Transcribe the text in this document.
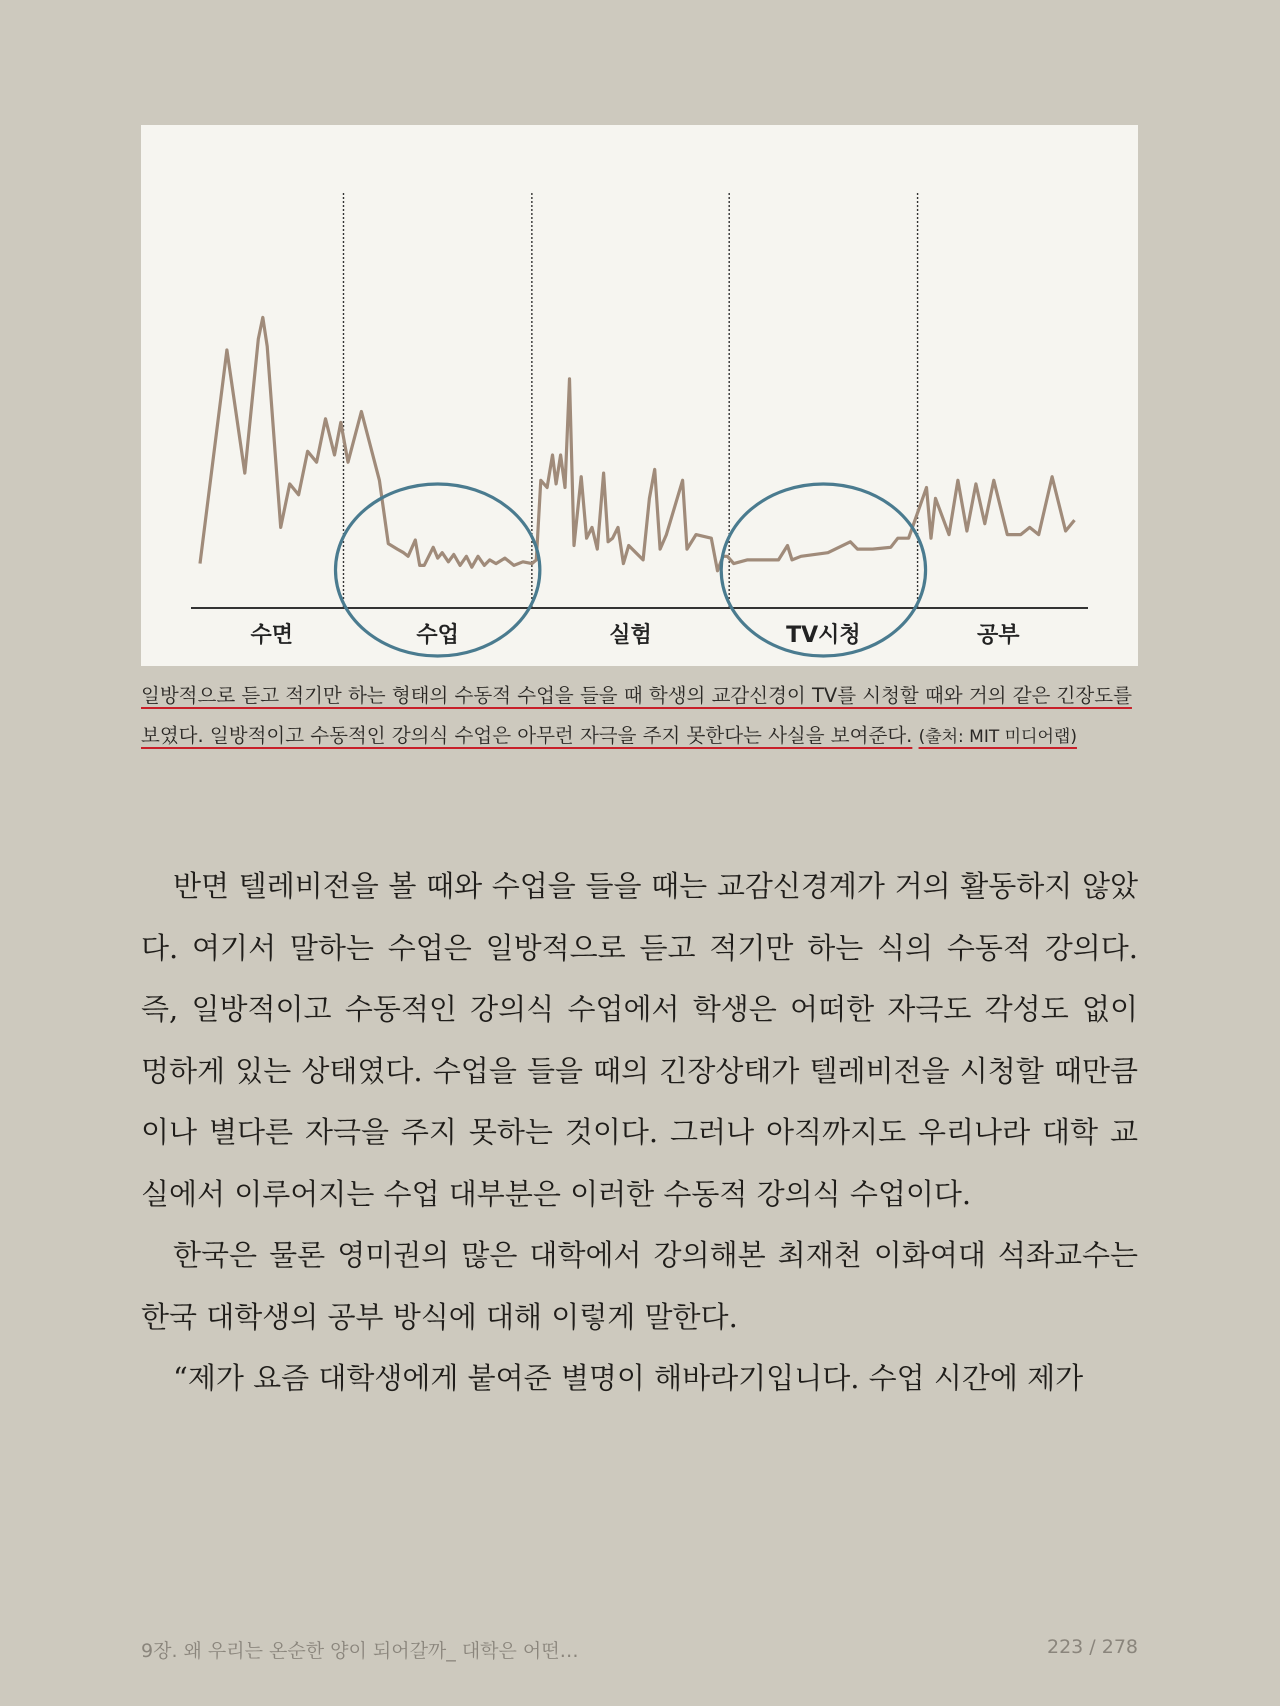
수면	수업	실험	TV시청	공부
일방적으로 듣고 적기만 하는 형태의 수동적 수업을 들을 때 학생의 교감신경이 TV를 시청할 때와 거의 같은 긴장도를 보였다. 일방적이고 수동적인 강의식 수업은 아무런 자극을 주지 못한다는 사실을 보여준다. (출처: MIT 미디어랩)

반면 텔레비전을 볼 때와 수업을 들을 때는 교감신경계가 거의 활동하지 않았다. 여기서 말하는 수업은 일방적으로 듣고 적기만 하는 식의 수동적 강의다. 즉, 일방적이고 수동적인 강의식 수업에서 학생은 어떠한 자극도 각성도 없이 멍하게 있는 상태였다. 수업을 들을 때의 긴장상태가 텔레비전을 시청할 때만큼이나 별다른 자극을 주지 못하는 것이다. 그러나 아직까지도 우리나라 대학 교실에서 이루어지는 수업 대부분은 이러한 수동적 강의식 수업이다.

한국은 물론 영미권의 많은 대학에서 강의해본 최재천 이화여대 석좌교수는 한국 대학생의 공부 방식에 대해 이렇게 말한다.

“제가 요즘 대학생에게 붙여준 별명이 해바라기입니다. 수업 시간에 제가

9장. 왜 우리는 온순한 양이 되어갈까_ 대학은 어떤…	223 / 278
